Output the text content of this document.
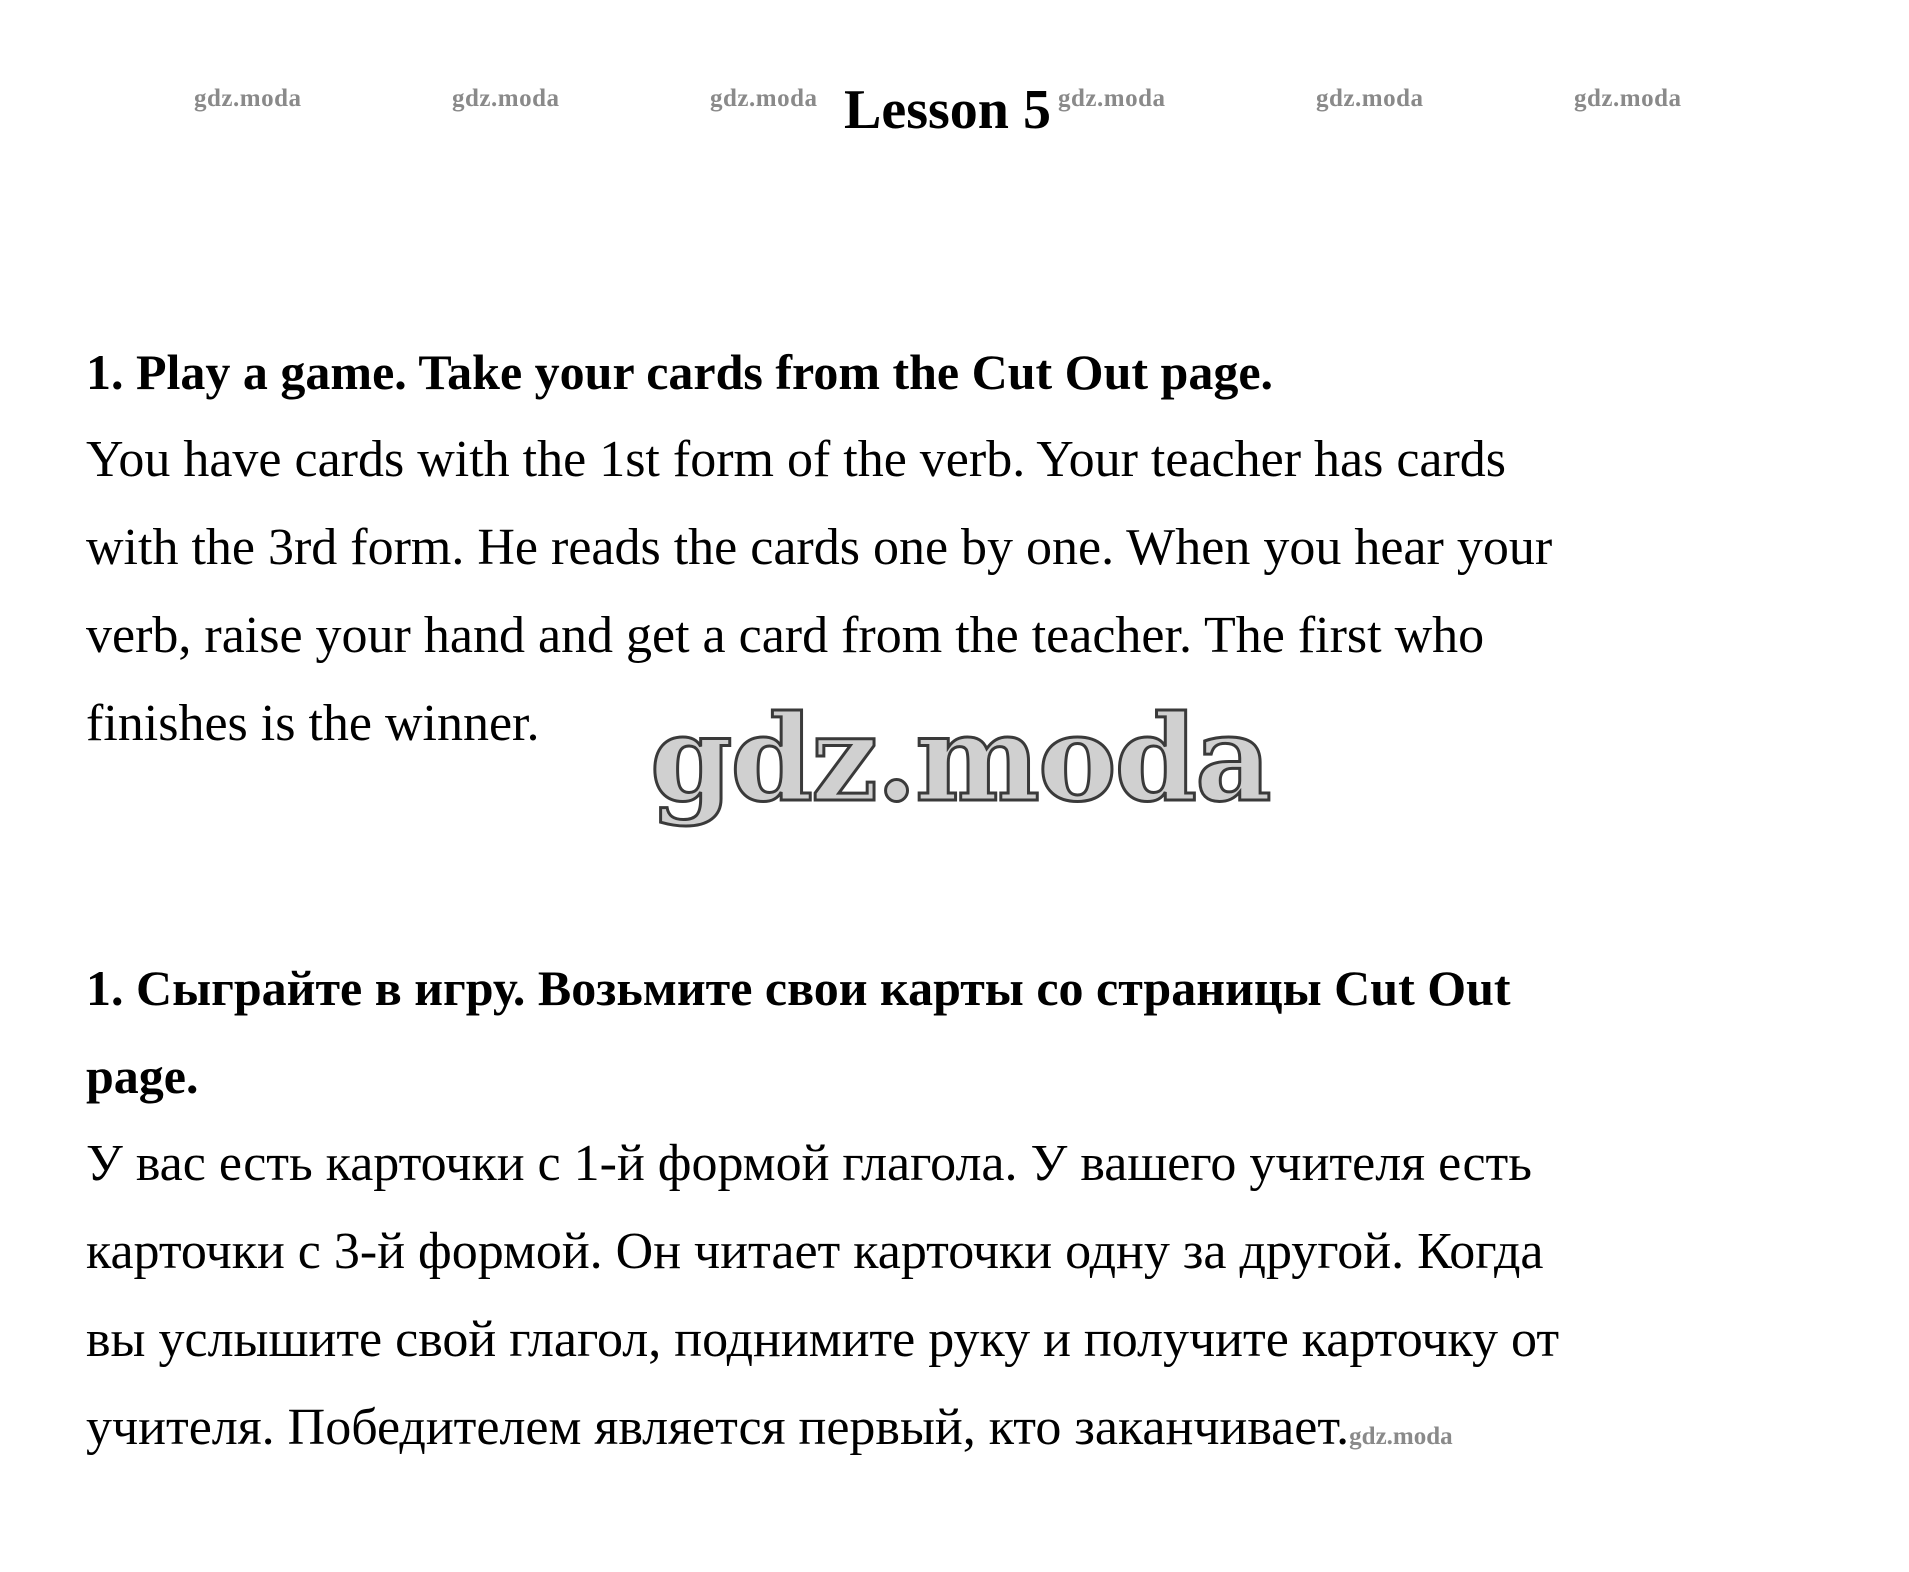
gdz.moda	gdz.moda	gdz.moda	gdz.moda	gdz.moda	gdz.moda
Lesson 5

1. Play a game. Take your cards from the Cut Out page.

You have cards with the 1st form of the verb. Your teacher has cards

with the 3rd form. He reads the cards one by one. When you hear your

verb, raise your hand and get a card from the teacher. The first who

finishes is the winner. gdz.moda

1. Сыграйте в игру. Возьмите свои карты со страницы Cut Out

page.

У вас есть карточки с 1-й формой глагола. У вашего учителя есть

карточки с 3-й формой. Он читает карточки одну за другой. Когда

вы услышите свой глагол, поднимите руку и получите карточку от

учителя. Победителем является первый, кто заканчивает.gdz.moda
